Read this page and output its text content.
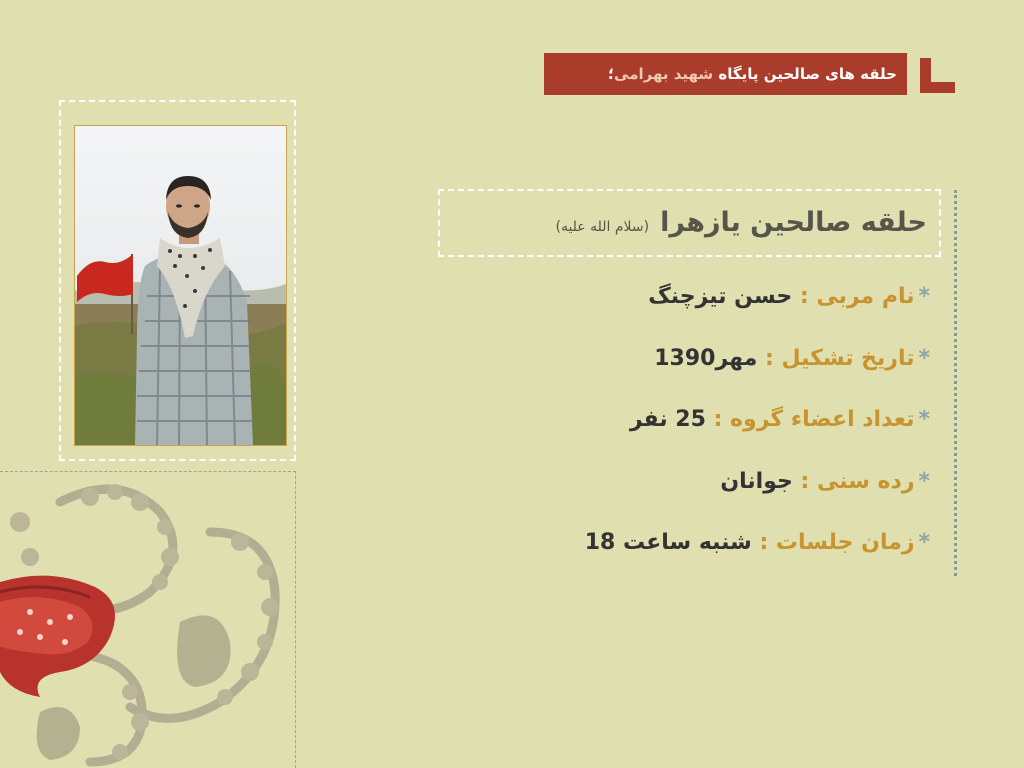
حلقه های صالحین پایگاه شهید بهرامی؛
حلقه صالحین یازهرا (سلام الله علیه)
*نام مربی : حسن تیزچنگ
*تاریخ تشکیل : مهر1390
*تعداد اعضاء گروه : 25 نفر
*رده سنی : جوانان
*زمان جلسات : شنبه ساعت 18
